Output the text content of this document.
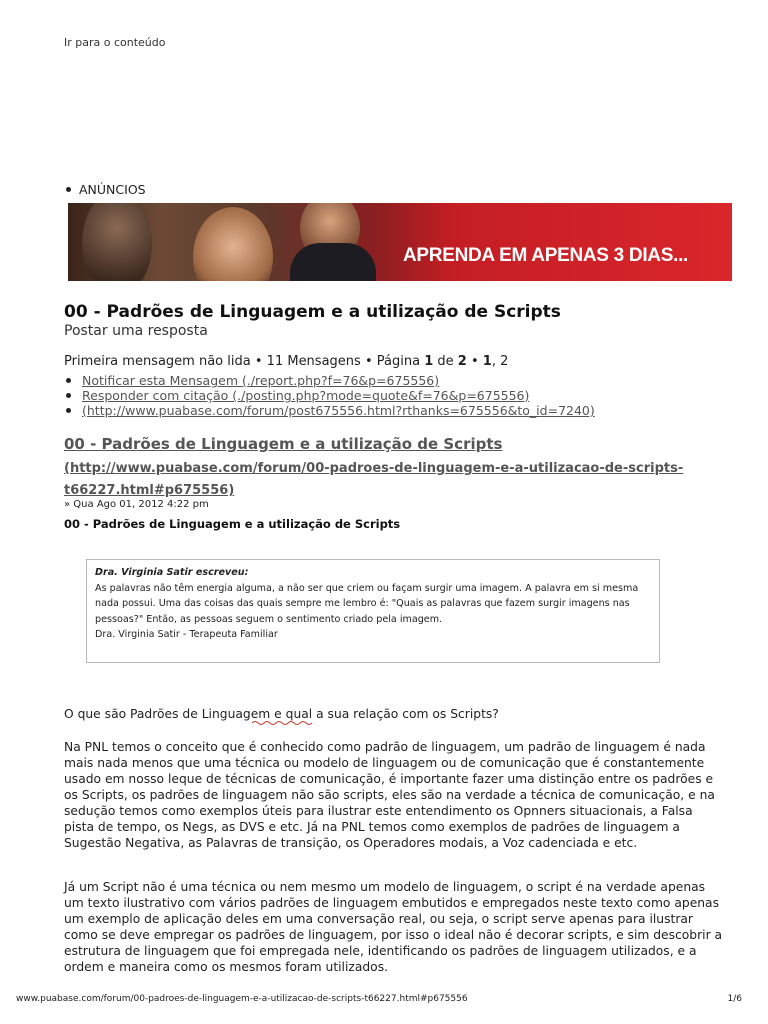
Ir para o conteúdo
ANÚNCIOS
APRENDA EM APENAS 3 DIAS...
00 - Padrões de Linguagem e a utilização de Scripts
Postar uma resposta
Primeira mensagem não lida • 11 Mensagens • Página 1 de 2 • 1, 2
Notificar esta Mensagem (./report.php?f=76&p=675556)
Responder com citação (./posting.php?mode=quote&f=76&p=675556)
(http://www.puabase.com/forum/post675556.html?rthanks=675556&to_id=7240)
00 - Padrões de Linguagem e a utilização de Scripts
(http://www.puabase.com/forum/00-padroes-de-linguagem-e-a-utilizacao-de-scripts-t66227.html#p675556)
» Qua Ago 01, 2012 4:22 pm
00 - Padrões de Linguagem e a utilização de Scripts
Dra. Virginia Satir escreveu:
As palavras não têm energia alguma, a não ser que criem ou façam surgir uma imagem. A palavra em si mesma nada possui. Uma das coisas das quais sempre me lembro é: "Quais as palavras que fazem surgir imagens nas pessoas?" Então, as pessoas seguem o sentimento criado pela imagem.
Dra. Virginia Satir - Terapeuta Familiar
O que são Padrões de Linguagem e qual a sua relação com os Scripts?
Na PNL temos o conceito que é conhecido como padrão de linguagem, um padrão de linguagem é nada mais nada menos que uma técnica ou modelo de linguagem ou de comunicação que é constantemente usado em nosso leque de técnicas de comunicação, é importante fazer uma distinção entre os padrões e os Scripts, os padrões de linguagem não são scripts, eles são na verdade a técnica de comunicação, e na sedução temos como exemplos úteis para ilustrar este entendimento os Opnners situacionais, a Falsa pista de tempo, os Negs, as DVS e etc. Já na PNL temos como exemplos de padrões de linguagem a Sugestão Negativa, as Palavras de transição, os Operadores modais, a Voz cadenciada e etc.
Já um Script não é uma técnica ou nem mesmo um modelo de linguagem, o script é na verdade apenas um texto ilustrativo com vários padrões de linguagem embutidos e empregados neste texto como apenas um exemplo de aplicação deles em uma conversação real, ou seja, o script serve apenas para ilustrar como se deve empregar os padrões de linguagem, por isso o ideal não é decorar scripts, e sim descobrir a estrutura de linguagem que foi empregada nele, identificando os padrões de linguagem utilizados, e a ordem e maneira como os mesmos foram utilizados.
www.puabase.com/forum/00-padroes-de-linguagem-e-a-utilizacao-de-scripts-t66227.html#p675556	1/6
